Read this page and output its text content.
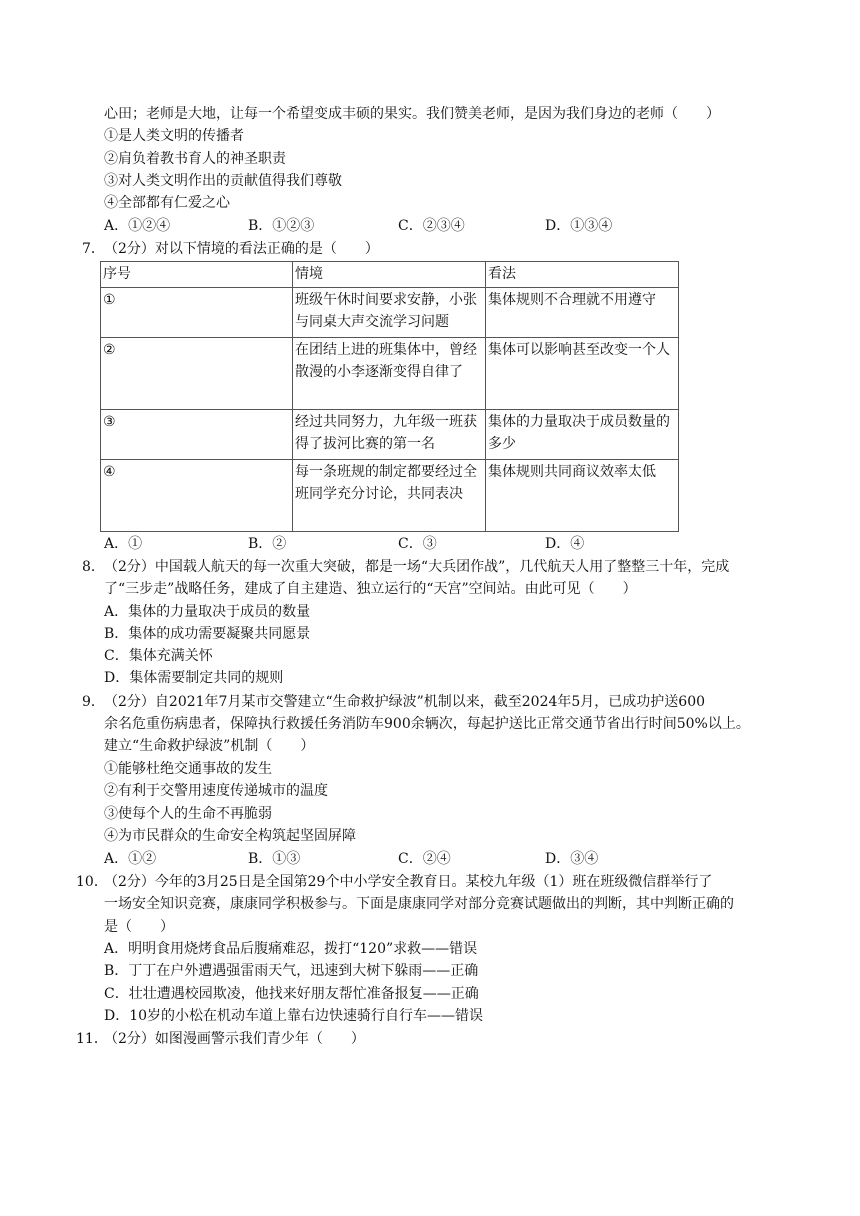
心田；老师是大地，让每一个希望变成丰硕的果实。我们赞美老师，是因为我们身边的老师（　　）
①是人类文明的传播者
②肩负着教书育人的神圣职责
③对人类文明作出的贡献值得我们尊敬
④全部都有仁爱之心
A．①②④	B．①②③	C．②③④	D．①③④
7． （2分）对以下情境的看法正确的是（　　）
序号	情境	看法
①	班级午休时间要求安静，小张与同桌大声交流学习问题	集体规则不合理就不用遵守
②	在团结上进的班集体中，曾经散漫的小李逐渐变得自律了	集体可以影响甚至改变一个人
③	经过共同努力，九年级一班获得了拔河比赛的第一名	集体的力量取决于成员数量的多少
④	每一条班规的制定都要经过全班同学充分讨论，共同表决	集体规则共同商议效率太低
A．①	B．②	C．③	D．④
8． （2分）中国载人航天的每一次重大突破，都是一场“大兵团作战”，几代航天人用了整整三十年，完成
了“三步走”战略任务，建成了自主建造、独立运行的“天宫”空间站。由此可见（　　）
A．集体的力量取决于成员的数量
B．集体的成功需要凝聚共同愿景
C．集体充满关怀
D．集体需要制定共同的规则
9． （2分）自2021年7月某市交警建立“生命救护绿波”机制以来，截至2024年5月，已成功护送600
余名危重伤病患者，保障执行救援任务消防车900余辆次，每起护送比正常交通节省出行时间50%以上。
建立“生命救护绿波”机制（　　）
①能够杜绝交通事故的发生
②有利于交警用速度传递城市的温度
③使每个人的生命不再脆弱
④为市民群众的生命安全构筑起坚固屏障
A．①②	B．①③	C．②④	D．③④
10．
（2分）今年的3月25日是全国第29个中小学安全教育日。某校九年级（1）班在班级微信群举行了
一场安全知识竞赛，康康同学积极参与。下面是康康同学对部分竞赛试题做出的判断，其中判断正确的
是（　　）
A．明明食用烧烤食品后腹痛难忍，拨打“120”求救——错误
B．丁丁在户外遭遇强雷雨天气，迅速到大树下躲雨——正确
C．壮壮遭遇校园欺凌，他找来好朋友帮忙准备报复——正确
D．10岁的小松在机动车道上靠右边快速骑行自行车——错误
11．
（2分）如图漫画警示我们青少年（　　）
